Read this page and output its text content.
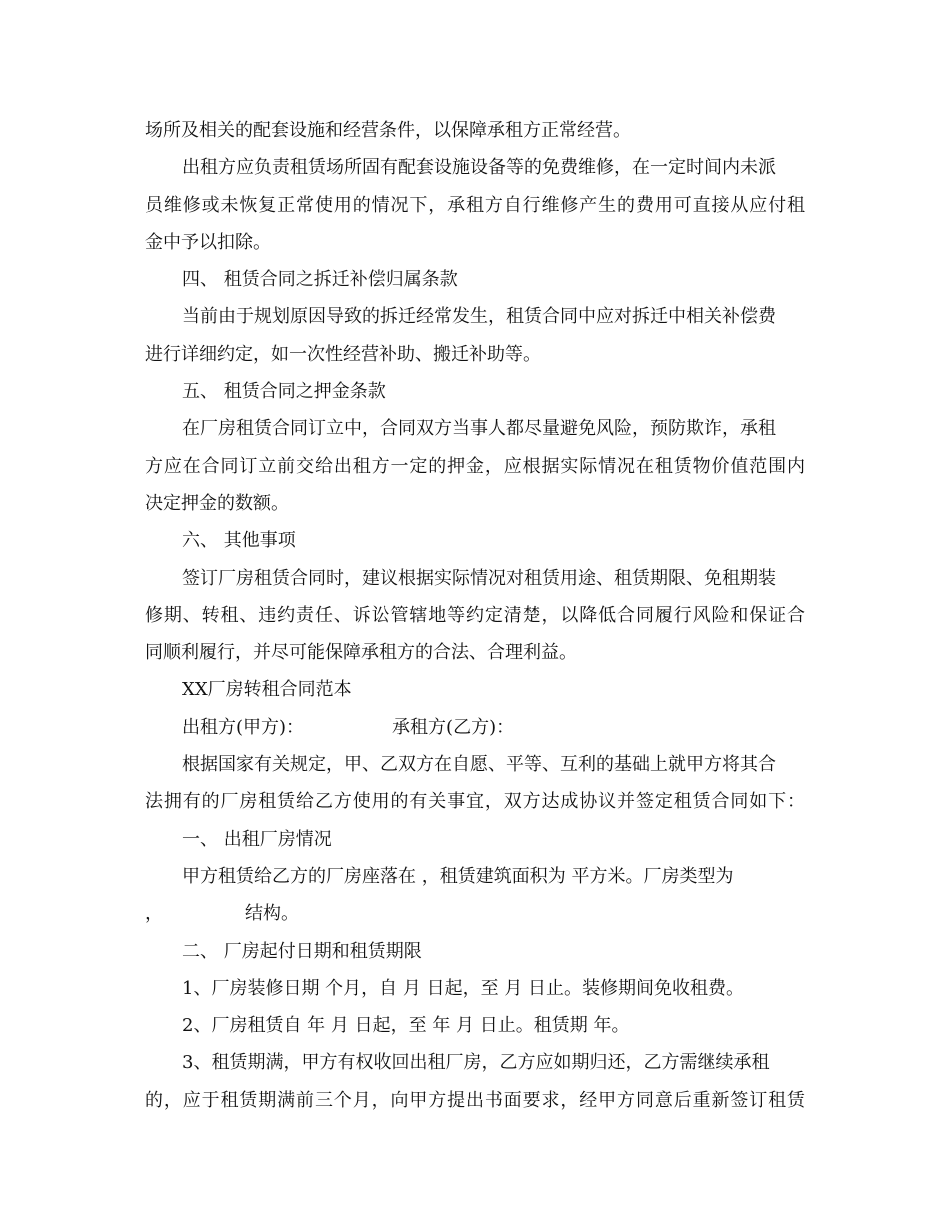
场所及相关的配套设施和经营条件，以保障承租方正常经营。
出租方应负责租赁场所固有配套设施设备等的免费维修，在一定时间内未派
员维修或未恢复正常使用的情况下，承租方自行维修产生的费用可直接从应付租
金中予以扣除。
四、 租赁合同之拆迁补偿归属条款
当前由于规划原因导致的拆迁经常发生，租赁合同中应对拆迁中相关补偿费
进行详细约定，如一次性经营补助、搬迁补助等。
五、 租赁合同之押金条款
在厂房租赁合同订立中，合同双方当事人都尽量避免风险，预防欺诈，承租
方应在合同订立前交给出租方一定的押金，应根据实际情况在租赁物价值范围内
决定押金的数额。
六、 其他事项
签订厂房租赁合同时，建议根据实际情况对租赁用途、租赁期限、免租期装
修期、转租、违约责任、诉讼管辖地等约定清楚，以降低合同履行风险和保证合
同顺利履行，并尽可能保障承租方的合法、合理利益。
XX厂房转租合同范本
出租方(甲方)：	承租方(乙方)：
根据国家有关规定，甲、乙双方在自愿、平等、互利的基础上就甲方将其合
法拥有的厂房租赁给乙方使用的有关事宜，双方达成协议并签定租赁合同如下：
一、 出租厂房情况
甲方租赁给乙方的厂房座落在 ，租赁建筑面积为 平方米。厂房类型为
，	结构。
二、 厂房起付日期和租赁期限
1、厂房装修日期 个月，自 月 日起，至 月 日止。装修期间免收租费。
2、厂房租赁自 年 月 日起，至 年 月 日止。租赁期 年。
3、租赁期满，甲方有权收回出租厂房，乙方应如期归还，乙方需继续承租
的，应于租赁期满前三个月，向甲方提出书面要求，经甲方同意后重新签订租赁
